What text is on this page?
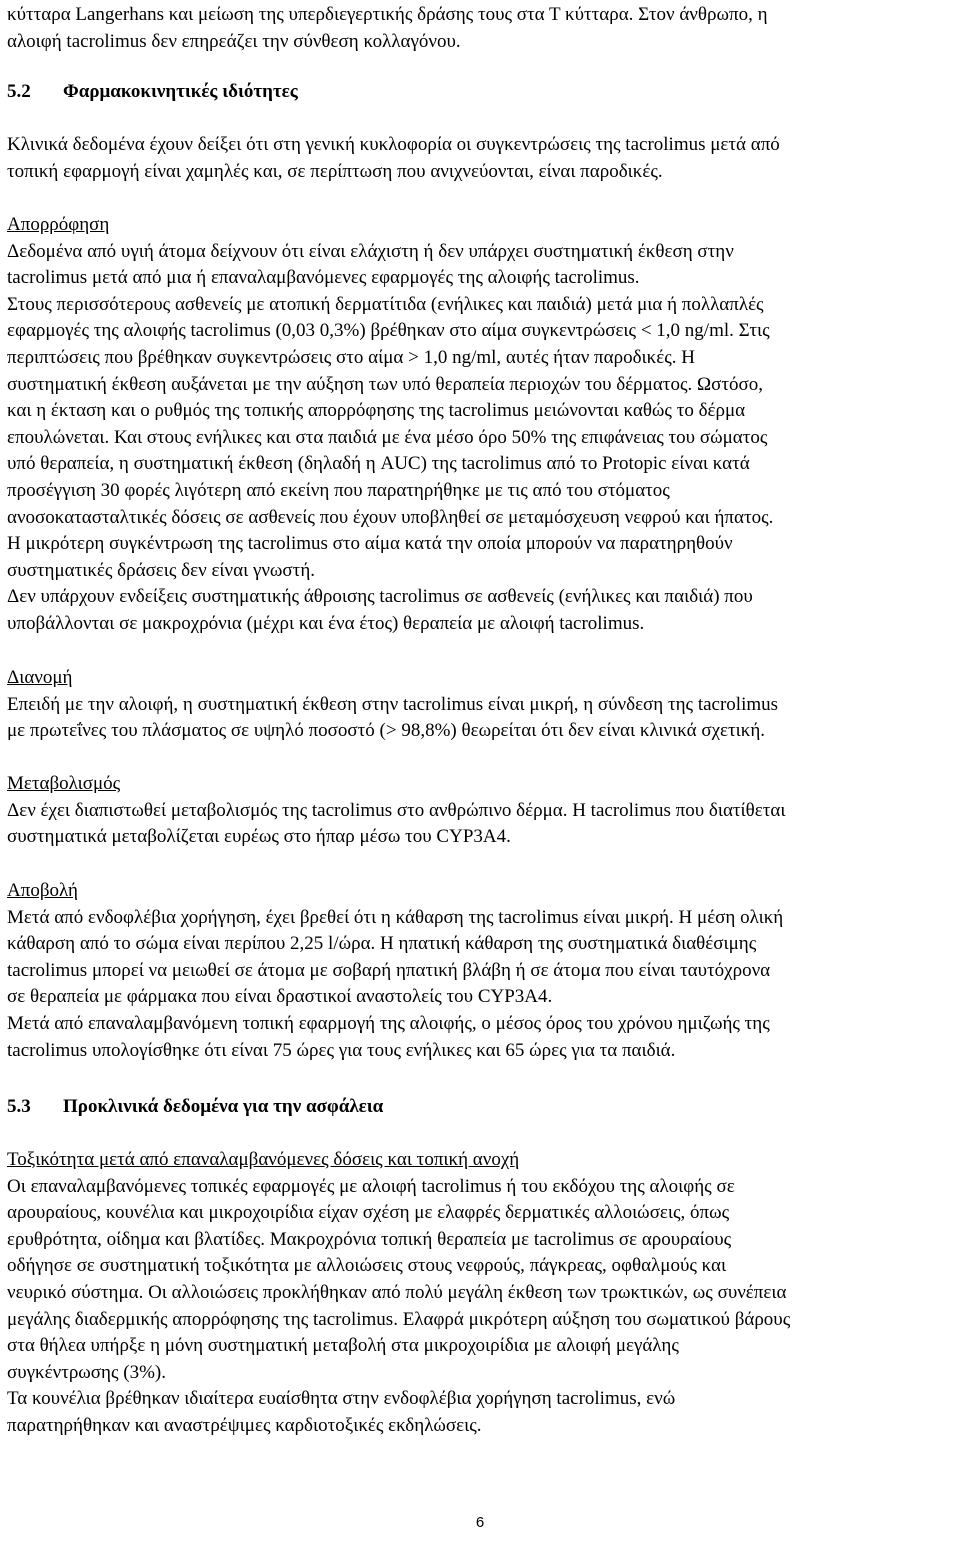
κύτταρα Langerhans και μείωση της υπερδιεγερτικής δράσης τους στα Τ κύτταρα. Στον άνθρωπο, η
αλοιφή tacrolimus δεν επηρεάζει την σύνθεση κολλαγόνου.
5.2 Φαρμακοκινητικές ιδιότητες
Κλινικά δεδομένα έχουν δείξει ότι στη γενική κυκλοφορία οι συγκεντρώσεις της tacrolimus μετά από
τοπική εφαρμογή είναι χαμηλές και, σε περίπτωση που ανιχνεύονται, είναι παροδικές.
Απορρόφηση
Δεδομένα από υγιή άτομα δείχνουν ότι είναι ελάχιστη ή δεν υπάρχει συστηματική έκθεση στην
tacrolimus μετά από μια ή επαναλαμβανόμενες εφαρμογές της αλοιφής tacrolimus.
Στους περισσότερους ασθενείς με ατοπική δερματίτιδα (ενήλικες και παιδιά) μετά μια ή πολλαπλές
εφαρμογές της αλοιφής tacrolimus (0,03 0,3%) βρέθηκαν στο αίμα συγκεντρώσεις < 1,0 ng/ml. Στις
περιπτώσεις που βρέθηκαν συγκεντρώσεις στο αίμα > 1,0 ng/ml, αυτές ήταν παροδικές. Η
συστηματική έκθεση αυξάνεται με την αύξηση των υπό θεραπεία περιοχών του δέρματος. Ωστόσο,
και η έκταση και ο ρυθμός της τοπικής απορρόφησης της tacrolimus μειώνονται καθώς το δέρμα
επουλώνεται. Και στους ενήλικες και στα παιδιά με ένα μέσο όρο 50% της επιφάνειας του σώματος
υπό θεραπεία, η συστηματική έκθεση (δηλαδή η AUC) της tacrolimus από το Protopic είναι κατά
προσέγγιση 30 φορές λιγότερη από εκείνη που παρατηρήθηκε με τις από του στόματος
ανοσοκατασταλτικές δόσεις σε ασθενείς που έχουν υποβληθεί σε μεταμόσχευση νεφρού και ήπατος.
Η μικρότερη συγκέντρωση της tacrolimus στο αίμα κατά την οποία μπορούν να παρατηρηθούν
συστηματικές δράσεις δεν είναι γνωστή.
Δεν υπάρχουν ενδείξεις συστηματικής άθροισης tacrolimus σε ασθενείς (ενήλικες και παιδιά) που
υποβάλλονται σε μακροχρόνια (μέχρι και ένα έτος) θεραπεία με αλοιφή tacrolimus.
Διανομή
Επειδή με την αλοιφή, η συστηματική έκθεση στην tacrolimus είναι μικρή, η σύνδεση της tacrolimus
με πρωτεΐνες του πλάσματος σε υψηλό ποσοστό (> 98,8%) θεωρείται ότι δεν είναι κλινικά σχετική.
Μεταβολισμός
Δεν έχει διαπιστωθεί μεταβολισμός της tacrolimus στο ανθρώπινο δέρμα. Η tacrolimus που διατίθεται
συστηματικά μεταβολίζεται ευρέως στο ήπαρ μέσω του CYP3A4.
Αποβολή
Μετά από ενδοφλέβια χορήγηση, έχει βρεθεί ότι η κάθαρση της tacrolimus είναι μικρή. Η μέση ολική
κάθαρση από το σώμα είναι περίπου 2,25 l/ώρα. Η ηπατική κάθαρση της συστηματικά διαθέσιμης
tacrolimus μπορεί να μειωθεί σε άτομα με σοβαρή ηπατική βλάβη ή σε άτομα που είναι ταυτόχρονα
σε θεραπεία με φάρμακα που είναι δραστικοί αναστολείς του CYP3A4.
Μετά από επαναλαμβανόμενη τοπική εφαρμογή της αλοιφής, ο μέσος όρος του χρόνου ημιζωής της
tacrolimus υπολογίσθηκε ότι είναι 75 ώρες για τους ενήλικες και 65 ώρες για τα παιδιά.
5.3 Προκλινικά δεδομένα για την ασφάλεια
Τοξικότητα μετά από επαναλαμβανόμενες δόσεις και τοπική ανοχή
Οι επαναλαμβανόμενες τοπικές εφαρμογές με αλοιφή tacrolimus ή του εκδόχου της αλοιφής σε
αρουραίους, κουνέλια και μικροχοιρίδια είχαν σχέση με ελαφρές δερματικές αλλοιώσεις, όπως
ερυθρότητα, οίδημα και βλατίδες. Μακροχρόνια τοπική θεραπεία με tacrolimus σε αρουραίους
οδήγησε σε συστηματική τοξικότητα με αλλοιώσεις στους νεφρούς, πάγκρεας, οφθαλμούς και
νευρικό σύστημα. Οι αλλοιώσεις προκλήθηκαν από πολύ μεγάλη έκθεση των τρωκτικών, ως συνέπεια
μεγάλης διαδερμικής απορρόφησης της tacrolimus. Ελαφρά μικρότερη αύξηση του σωματικού βάρους
στα θήλεα υπήρξε η μόνη συστηματική μεταβολή στα μικροχοιρίδια με αλοιφή μεγάλης
συγκέντρωσης (3%).
Τα κουνέλια βρέθηκαν ιδιαίτερα ευαίσθητα στην ενδοφλέβια χορήγηση tacrolimus, ενώ
παρατηρήθηκαν και αναστρέψιμες καρδιοτοξικές εκδηλώσεις.
6
